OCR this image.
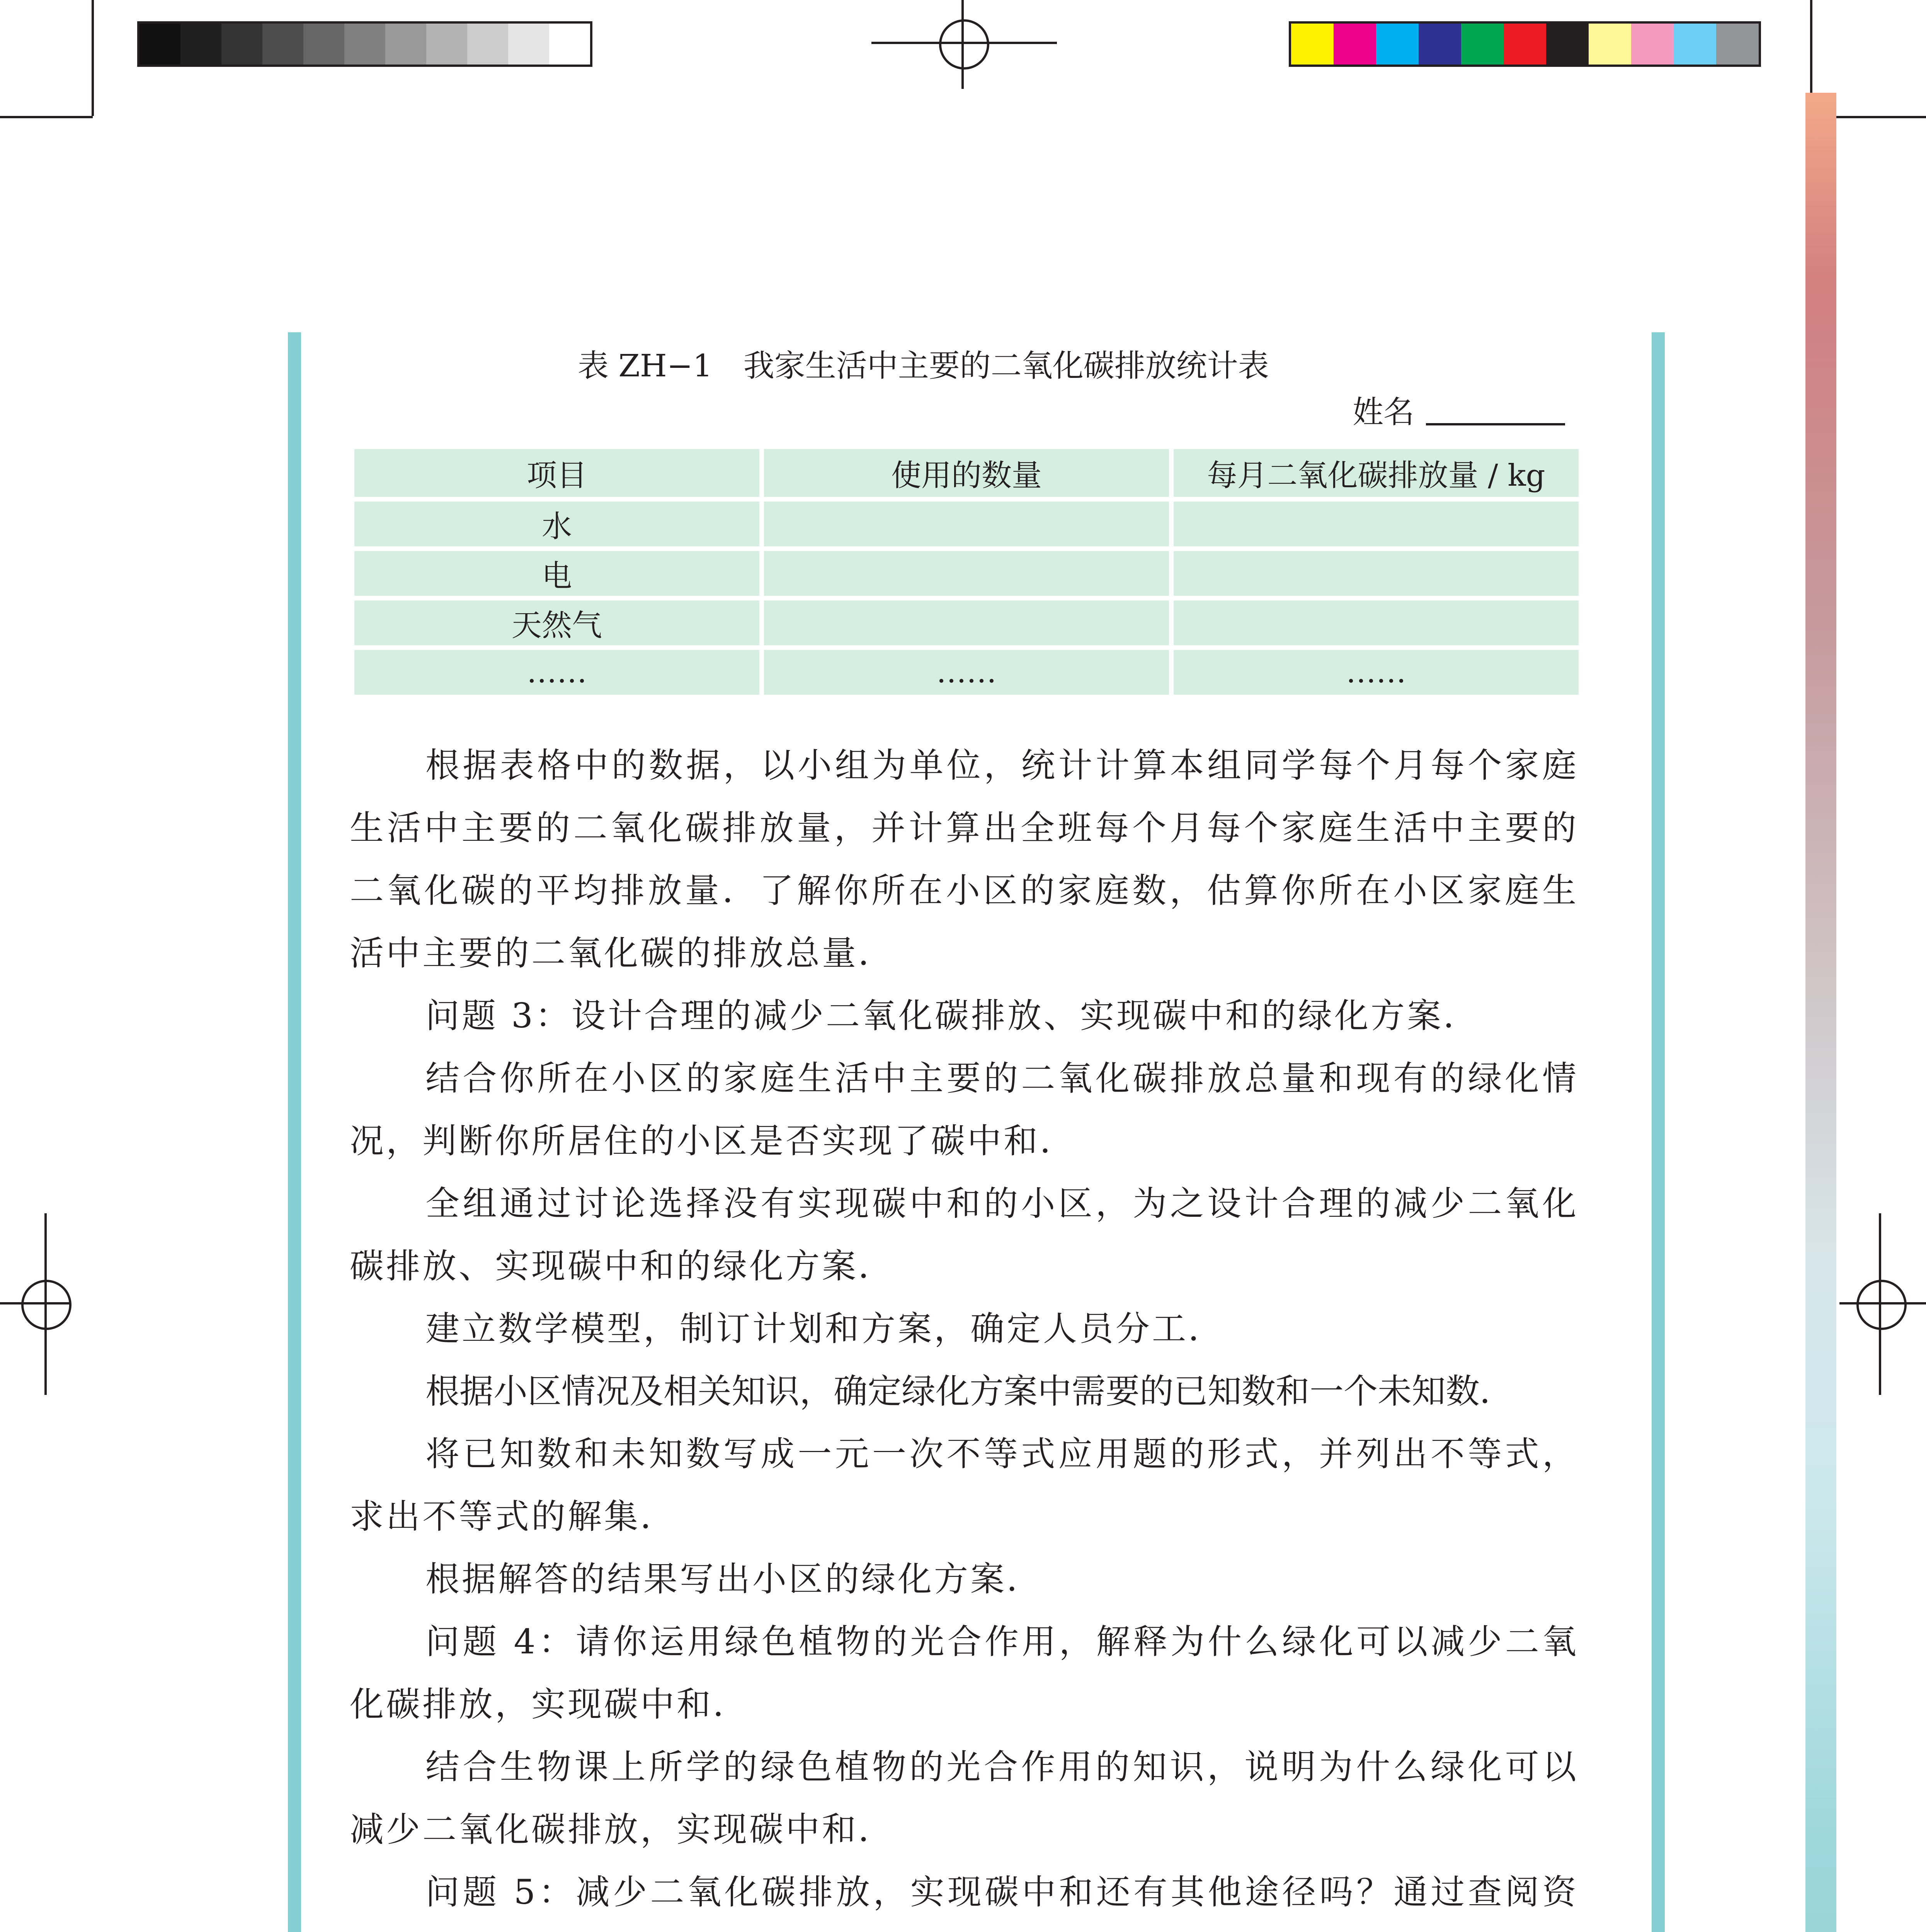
表 ZH−1　我家生活中主要的二氧化碳排放统计表
姓名
项目	使用的数量	每月二氧化碳排放量 / kg
水		
电		
天然气		
……	……	……
根据表格中的数据，以小组为单位，统计计算本组同学每个月每个家庭生活中主要的二氧化碳排放量，并计算出全班每个月每个家庭生活中主要的二氧化碳的平均排放量．了解你所在小区的家庭数，估算你所在小区家庭生活中主要的二氧化碳的排放总量．
问题 3：设计合理的减少二氧化碳排放、实现碳中和的绿化方案．
结合你所在小区的家庭生活中主要的二氧化碳排放总量和现有的绿化情况，判断你所居住的小区是否实现了碳中和．
全组通过讨论选择没有实现碳中和的小区，为之设计合理的减少二氧化碳排放、实现碳中和的绿化方案．
建立数学模型，制订计划和方案，确定人员分工．
根据小区情况及相关知识，确定绿化方案中需要的已知数和一个未知数．
将已知数和未知数写成一元一次不等式应用题的形式，并列出不等式，求出不等式的解集．
根据解答的结果写出小区的绿化方案．
问题 4：请你运用绿色植物的光合作用，解释为什么绿化可以减少二氧化碳排放，实现碳中和．
结合生物课上所学的绿色植物的光合作用的知识，说明为什么绿化可以减少二氧化碳排放，实现碳中和．
问题 5：减少二氧化碳排放，实现碳中和还有其他途径吗？通过查阅资
